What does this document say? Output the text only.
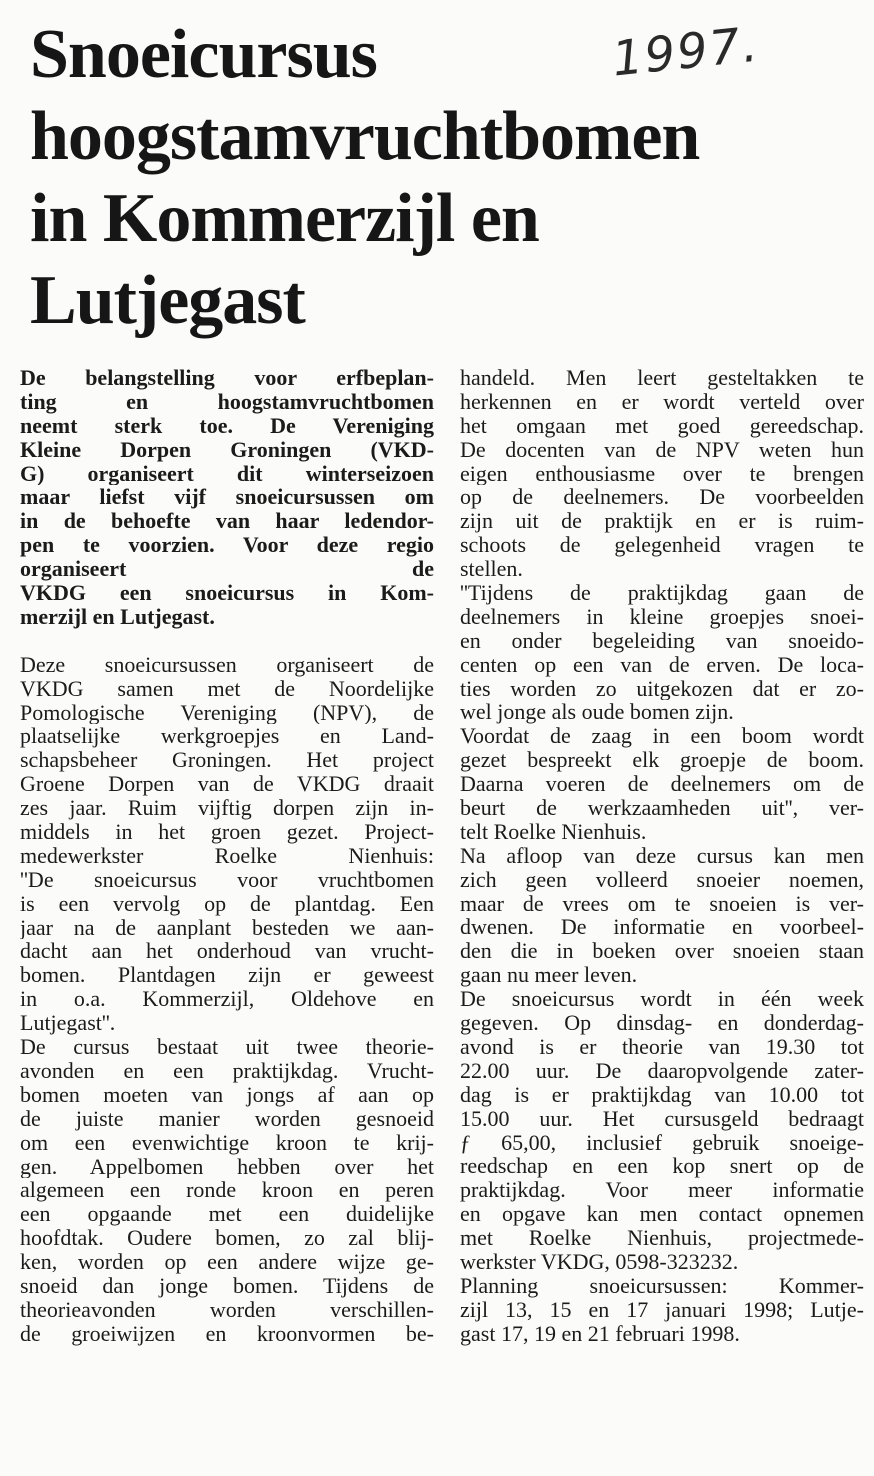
Snoeicursus
hoogstamvruchtbomen
in Kommerzijl en
Lutjegast
1997.

De belangstelling voor erfbeplan-
ting en hoogstamvruchtbomen
neemt sterk toe. De Vereniging
Kleine Dorpen Groningen (VKD-
G) organiseert dit winterseizoen
maar liefst vijf snoeicursussen om
in de behoefte van haar ledendor-
pen te voorzien. Voor deze regio
organiseert de
VKDG een snoeicursus in Kom-
merzijl en Lutjegast.

Deze snoeicursussen organiseert de
VKDG samen met de Noordelijke
Pomologische Vereniging (NPV), de
plaatselijke werkgroepjes en Land-
schapsbeheer Groningen. Het project
Groene Dorpen van de VKDG draait
zes jaar. Ruim vijftig dorpen zijn in-
middels in het groen gezet. Project-
medewerkster Roelke Nienhuis:
''De snoeicursus voor vruchtbomen
is een vervolg op de plantdag. Een
jaar na de aanplant besteden we aan-
dacht aan het onderhoud van vrucht-
bomen. Plantdagen zijn er geweest
in o.a. Kommerzijl, Oldehove en
Lutjegast''.
De cursus bestaat uit twee theorie-
avonden en een praktijkdag. Vrucht-
bomen moeten van jongs af aan op
de juiste manier worden gesnoeid
om een evenwichtige kroon te krij-
gen. Appelbomen hebben over het
algemeen een ronde kroon en peren
een opgaande met een duidelijke
hoofdtak. Oudere bomen, zo zal blij-
ken, worden op een andere wijze ge-
snoeid dan jonge bomen. Tijdens de
theorieavonden worden verschillen-
de groeiwijzen en kroonvormen be-

handeld. Men leert gesteltakken te
herkennen en er wordt verteld over
het omgaan met goed gereedschap.
De docenten van de NPV weten hun
eigen enthousiasme over te brengen
op de deelnemers. De voorbeelden
zijn uit de praktijk en er is ruim-
schoots de gelegenheid vragen te
stellen.
''Tijdens de praktijkdag gaan de
deelnemers in kleine groepjes snoei-
en onder begeleiding van snoeido-
centen op een van de erven. De loca-
ties worden zo uitgekozen dat er zo-
wel jonge als oude bomen zijn.
Voordat de zaag in een boom wordt
gezet bespreekt elk groepje de boom.
Daarna voeren de deelnemers om de
beurt de werkzaamheden uit'', ver-
telt Roelke Nienhuis.
Na afloop van deze cursus kan men
zich geen volleerd snoeier noemen,
maar de vrees om te snoeien is ver-
dwenen. De informatie en voorbeel-
den die in boeken over snoeien staan
gaan nu meer leven.
De snoeicursus wordt in één week
gegeven. Op dinsdag- en donderdag-
avond is er theorie van 19.30 tot
22.00 uur. De daaropvolgende zater-
dag is er praktijkdag van 10.00 tot
15.00 uur. Het cursusgeld bedraagt
ƒ 65,00, inclusief gebruik snoeige-
reedschap en een kop snert op de
praktijkdag. Voor meer informatie
en opgave kan men contact opnemen
met Roelke Nienhuis, projectmede-
werkster VKDG, 0598-323232.
Planning snoeicursussen: Kommer-
zijl 13, 15 en 17 januari 1998; Lutje-
gast 17, 19 en 21 februari 1998.
